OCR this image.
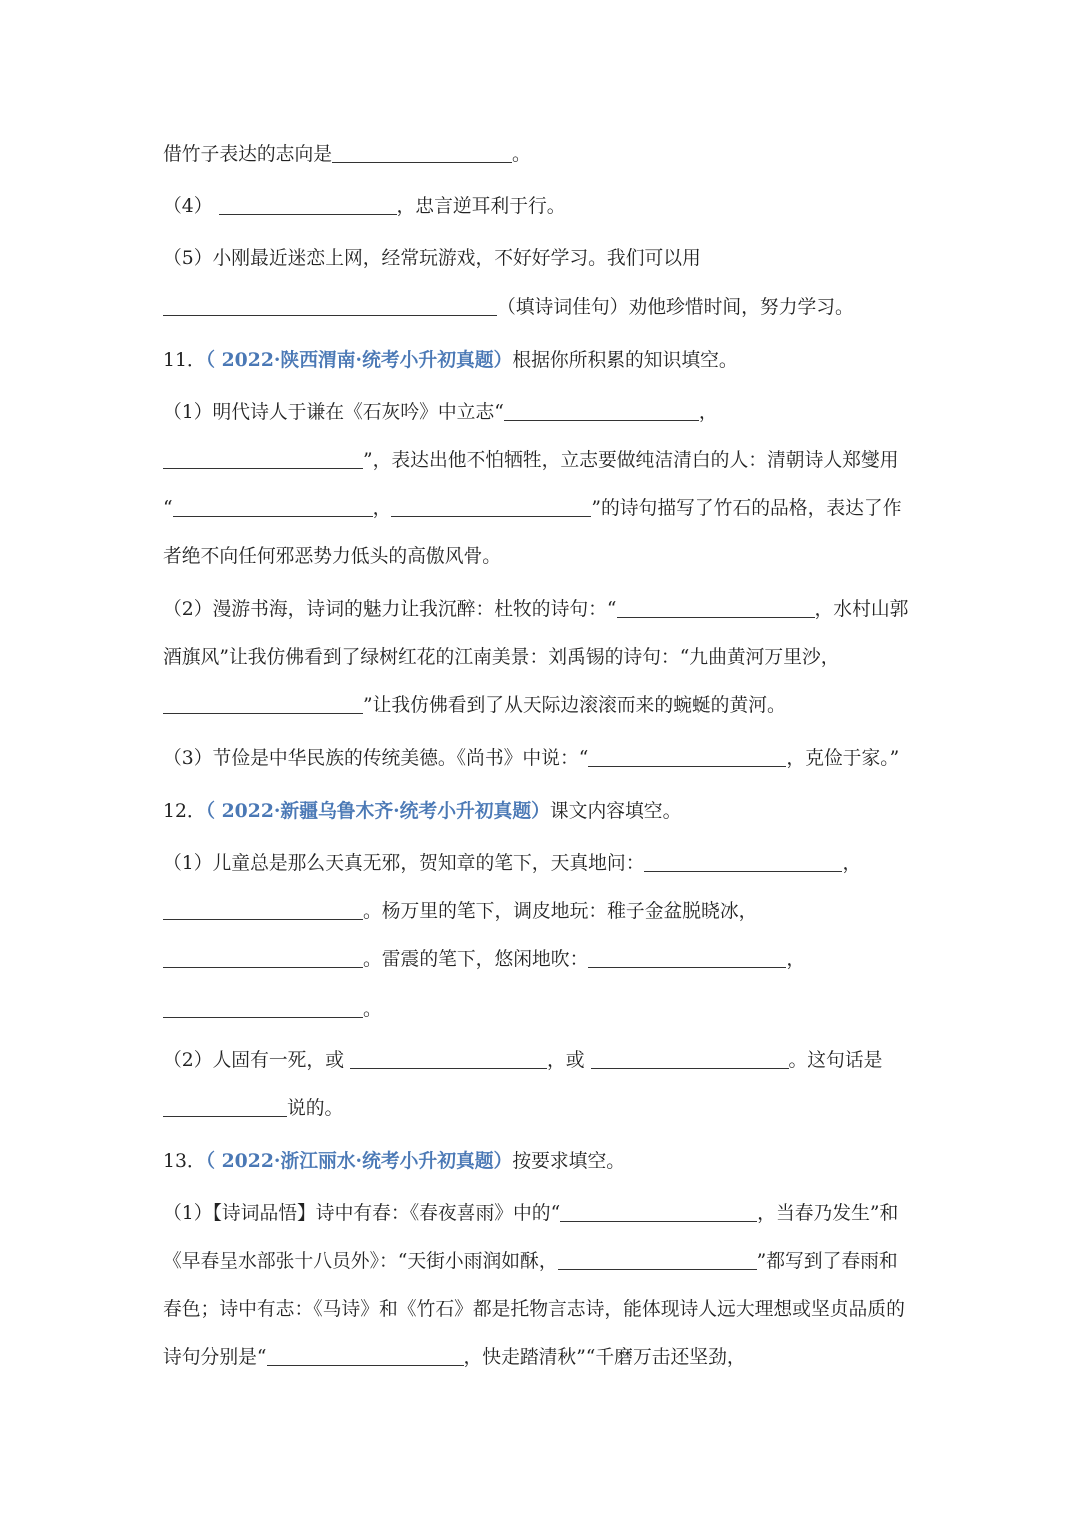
借竹子表达的志向是	。
（4）	，忠言逆耳利于行。
（5）小刚最近迷恋上网，经常玩游戏，不好好学习。我们可以用
（填诗词佳句）劝他珍惜时间，努力学习。
11．（ 2022·陕西渭南·统考小升初真题）根据你所积累的知识填空。
（1）明代诗人于谦在《石灰吟》中立志“	，
”，表达出他不怕牺牲，立志要做纯洁清白的人：清朝诗人郑燮用
“	，	”的诗句描写了竹石的品格，表达了作
者绝不向任何邪恶势力低头的高傲风骨。
（2）漫游书海，诗词的魅力让我沉醉：杜牧的诗句：“	，水村山郭
酒旗风”让我仿佛看到了绿树红花的江南美景：刘禹锡的诗句：“九曲黄河万里沙，
”让我仿佛看到了从天际边滚滚而来的蜿蜒的黄河。
（3）节俭是中华民族的传统美德。《尚书》中说：“	，克俭于家。”
12．（ 2022·新疆乌鲁木齐·统考小升初真题）课文内容填空。
（1）儿童总是那么天真无邪，贺知章的笔下，天真地问：	，
。杨万里的笔下，调皮地玩：稚子金盆脱晓冰，
。雷震的笔下，悠闲地吹：	，
。
（2）人固有一死，或	，或	。这句话是
说的。
13．（ 2022·浙江丽水·统考小升初真题）按要求填空。
（1）【诗词品悟】诗中有春：《春夜喜雨》中的“	，当春乃发生”和
《早春呈水部张十八员外》：“天街小雨润如酥，	”都写到了春雨和
春色；诗中有志：《马诗》和《竹石》都是托物言志诗，能体现诗人远大理想或坚贞品质的
诗句分别是“	，快走踏清秋”“千磨万击还坚劲，
